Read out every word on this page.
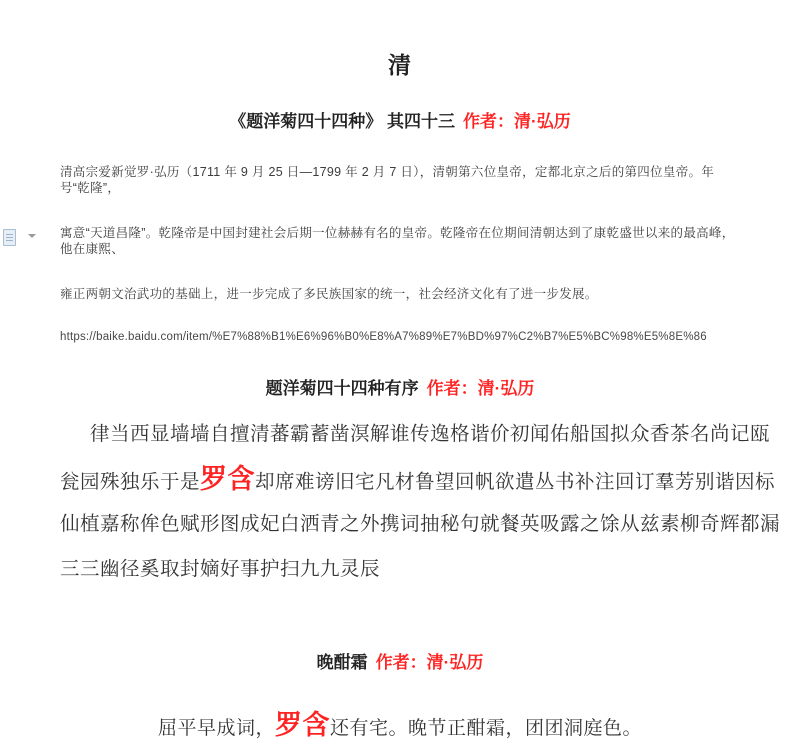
清
《题洋菊四十四种》 其四十三 作者：清·弘历
清高宗爱新觉罗·弘历（1711 年 9 月 25 日—1799 年 2 月 7 日），清朝第六位皇帝，定都北京之后的第四位皇帝。年号“乾隆”，
寓意“天道昌隆”。乾隆帝是中国封建社会后期一位赫赫有名的皇帝。乾隆帝在位期间清朝达到了康乾盛世以来的最高峰，他在康熙、
雍正两朝文治武功的基础上，进一步完成了多民族国家的统一，社会经济文化有了进一步发展。
https://baike.baidu.com/item/%E7%88%B1%E6%96%B0%E8%A7%89%E7%BD%97%C2%B7%E5%BC%98%E5%8E%86
题洋菊四十四种有序 作者：清·弘历
律当西显墙墙自擅清蕃霸蓄凿溟解谁传逸格谐价初闻佑船国拟众香茶名尚记瓯
瓮园殊独乐于是罗含却席难谤旧宅凡材鲁望回帆欲遣丛书补注回订羣芳别谐因标
仙植嘉称侔色赋形图成妃白洒青之外携词抽秘句就餐英吸露之馀从兹素柳奇辉都漏
三三幽径奚取封嫡好事护扫九九灵辰
晚酣霜 作者：清·弘历
屈平早成词，罗含还有宅。晚节正酣霜，团团洞庭色。
